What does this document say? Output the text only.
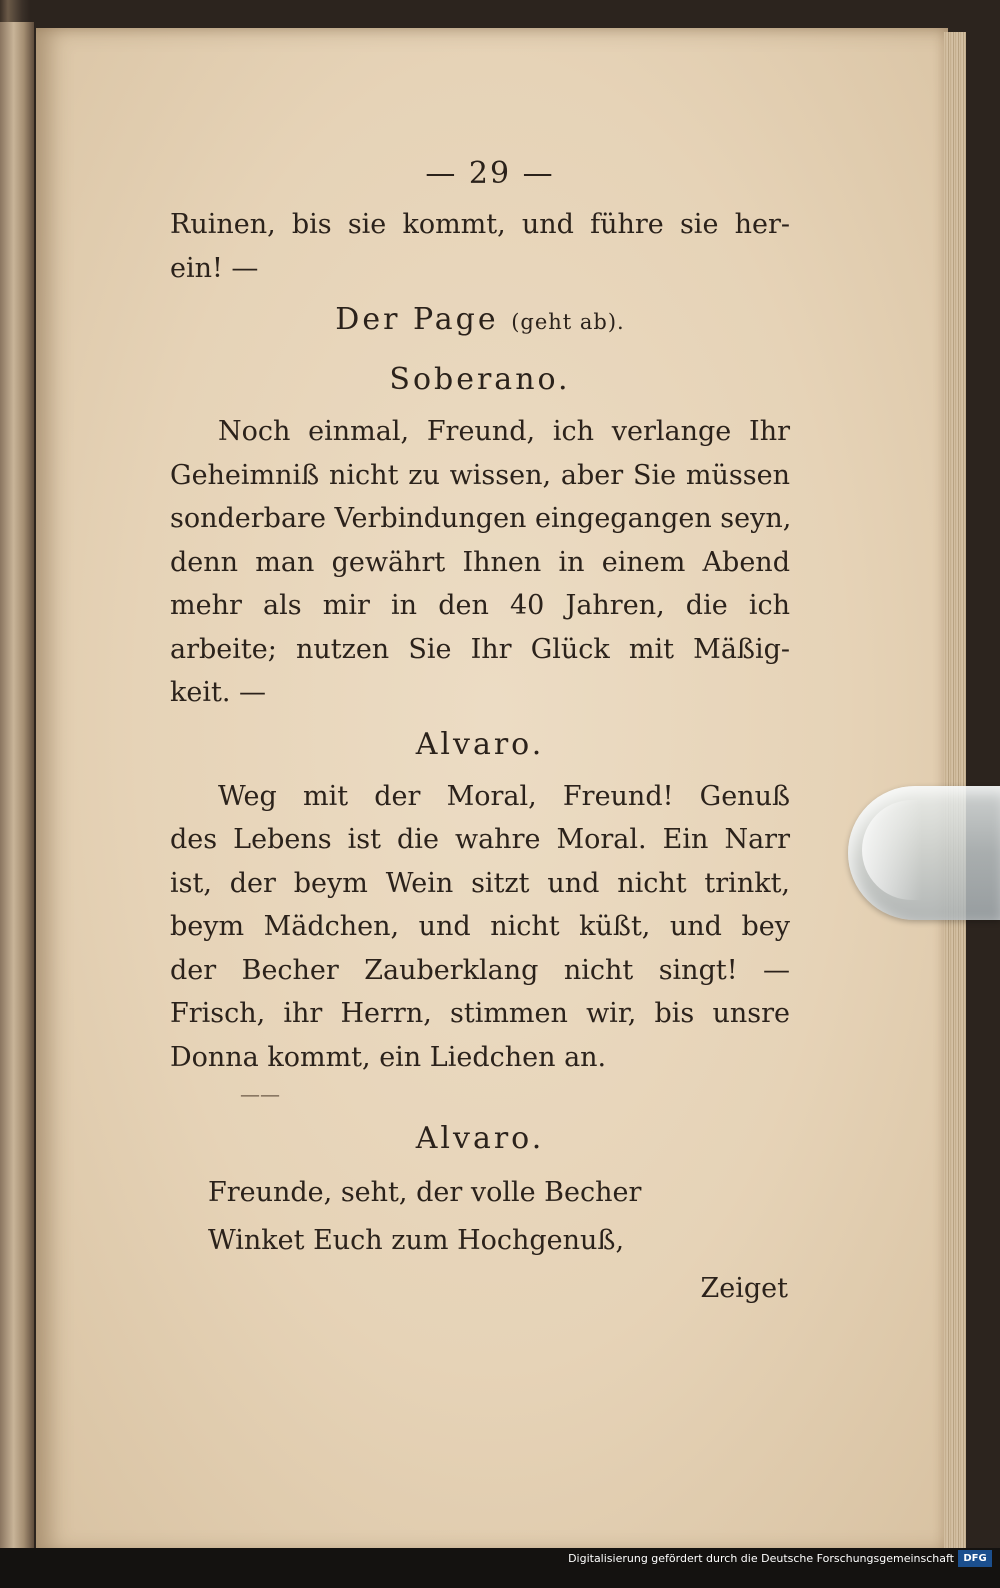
— 29 —
Ruinen, bis sie kommt, und führe sie her-
ein! —
Der Page (geht ab).
Soberano.
Noch einmal, Freund, ich verlange Ihr
Geheimniß nicht zu wissen, aber Sie müssen
sonderbare Verbindungen eingegangen seyn,
denn man gewährt Ihnen in einem Abend
mehr als mir in den 40 Jahren, die ich
arbeite; nutzen Sie Ihr Glück mit Mäßig-
keit. —
Alvaro.
Weg mit der Moral, Freund! Genuß
des Lebens ist die wahre Moral. Ein Narr
ist, der beym Wein sitzt und nicht trinkt,
beym Mädchen, und nicht küßt, und bey
der Becher Zauberklang nicht singt! —
Frisch, ihr Herrn, stimmen wir, bis unsre
Donna kommt, ein Liedchen an.
——
Alvaro.
Freunde, seht, der volle Becher
Winket Euch zum Hochgenuß,
Zeiget
Digitalisierung gefördert durch die Deutsche Forschungsgemeinschaft DFG
